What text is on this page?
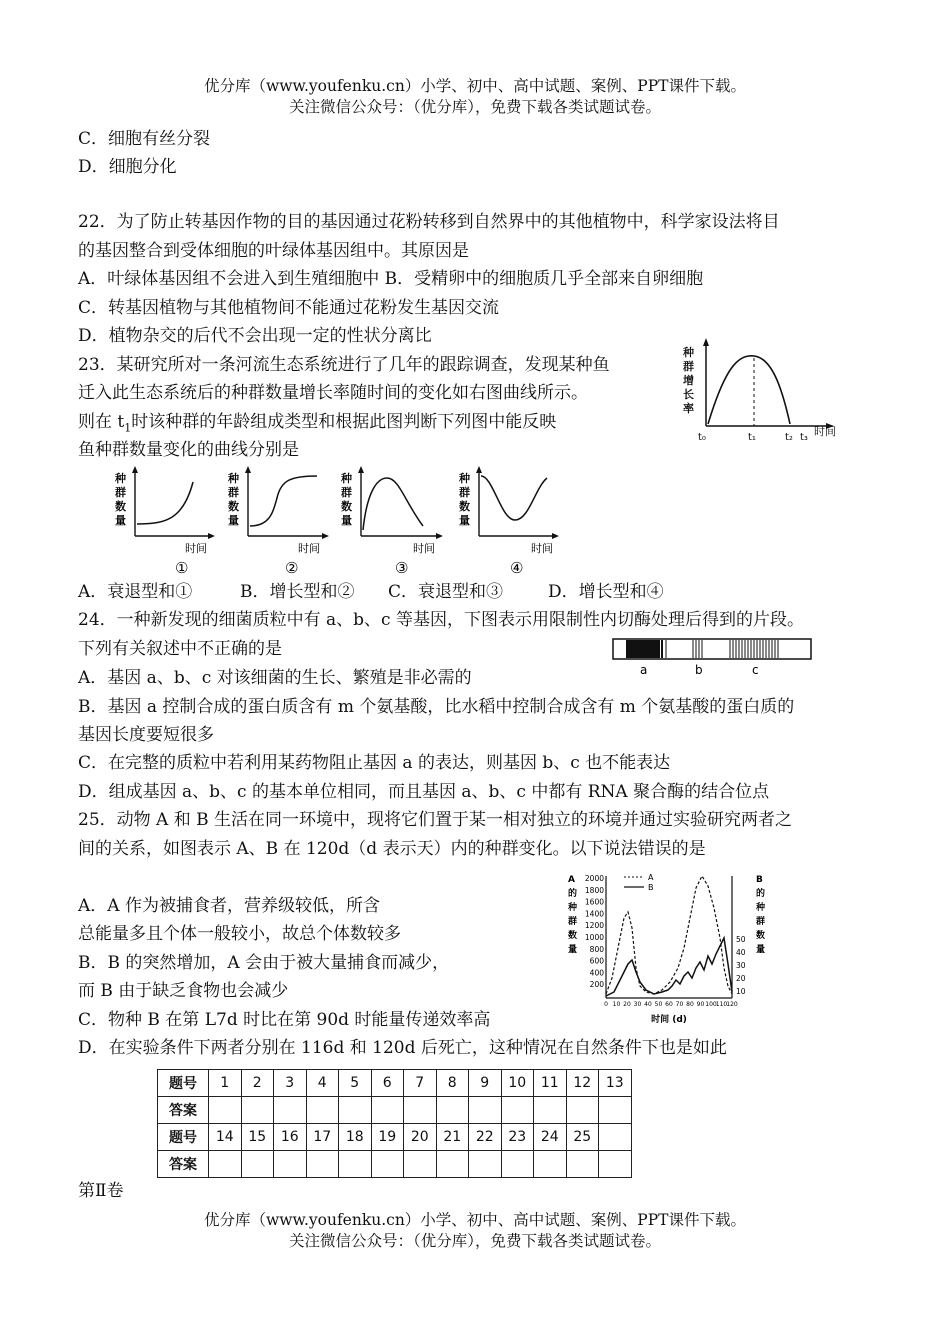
优分库（www.youfenku.cn）小学、初中、高中试题、案例、PPT课件下载。
关注微信公众号：（优分库），免费下载各类试题试卷。
C．细胞有丝分裂
D．细胞分化
22．为了防止转基因作物的目的基因通过花粉转移到自然界中的其他植物中，科学家设法将目
的基因整合到受体细胞的叶绿体基因组中。其原因是
A．叶绿体基因组不会进入到生殖细胞中 B．受精卵中的细胞质几乎全部来自卵细胞
C．转基因植物与其他植物间不能通过花粉发生基因交流
D．植物杂交的后代不会出现一定的性状分离比
23．某研究所对一条河流生态系统进行了几年的跟踪调查，发现某种鱼
迁入此生态系统后的种群数量增长率随时间的变化如右图曲线所示。
则在 $t_1$时该种群的年龄组成类型和根据此图判断下列图中能反映
鱼种群数量变化的曲线分别是
种
群
增
长
率
t₀	t₁	t₂ t₃ 时间
种
群
数
量
时间
①
种
群
数
量
时间
②
种
群
数
量
时间
③
种
群
数
量
时间
④
A．衰退型和①	B．增长型和② C．衰退型和③	D．增长型和④
24．一种新发现的细菌质粒中有 a、b、c 等基因，下图表示用限制性内切酶处理后得到的片段。
下列有关叙述中不正确的是
a	b	c
A．基因 a、b、c 对该细菌的生长、繁殖是非必需的
B．基因 a 控制合成的蛋白质含有 m 个氨基酸，比水稻中控制合成含有 m 个氨基酸的蛋白质的
基因长度要短很多
C．在完整的质粒中若利用某药物阻止基因 a 的表达，则基因 b、c 也不能表达
D．组成基因 a、b、c 的基本单位相同，而且基因 a、b、c 中都有 RNA 聚合酶的结合位点
25．动物 A 和 B 生活在同一环境中，现将它们置于某一相对独立的环境并通过实验研究两者之
间的关系，如图表示 A、B 在 120d（d 表示天）内的种群变化。以下说法错误的是
A
的
种
群
数
量
2000
1800
1600
1400
1200
1000
800
600
400
200
A
B
50
40
30
20
10
B
的
种
群
数
量
0 10 20 30 40 50 60 70 80 90 100 110 120
时间 (d)
A．A 作为被捕食者，营养级较低，所含
总能量多且个体一般较小，故总个体数较多
B．B 的突然增加，A 会由于被大量捕食而减少，
而 B 由于缺乏食物也会减少
C．物种 B 在第 L7d 时比在第 90d 时能量传递效率高
D．在实验条件下两者分别在 116d 和 120d 后死亡，这种情况在自然条件下也是如此
题号	1	2	3	4	5	6	7	8	9	10	11	12	13
答案													
题号	14	15	16	17	18	19	20	21	22	23	24	25	
答案													
第Ⅱ卷
优分库（www.youfenku.cn）小学、初中、高中试题、案例、PPT课件下载。
关注微信公众号：（优分库），免费下载各类试题试卷。
